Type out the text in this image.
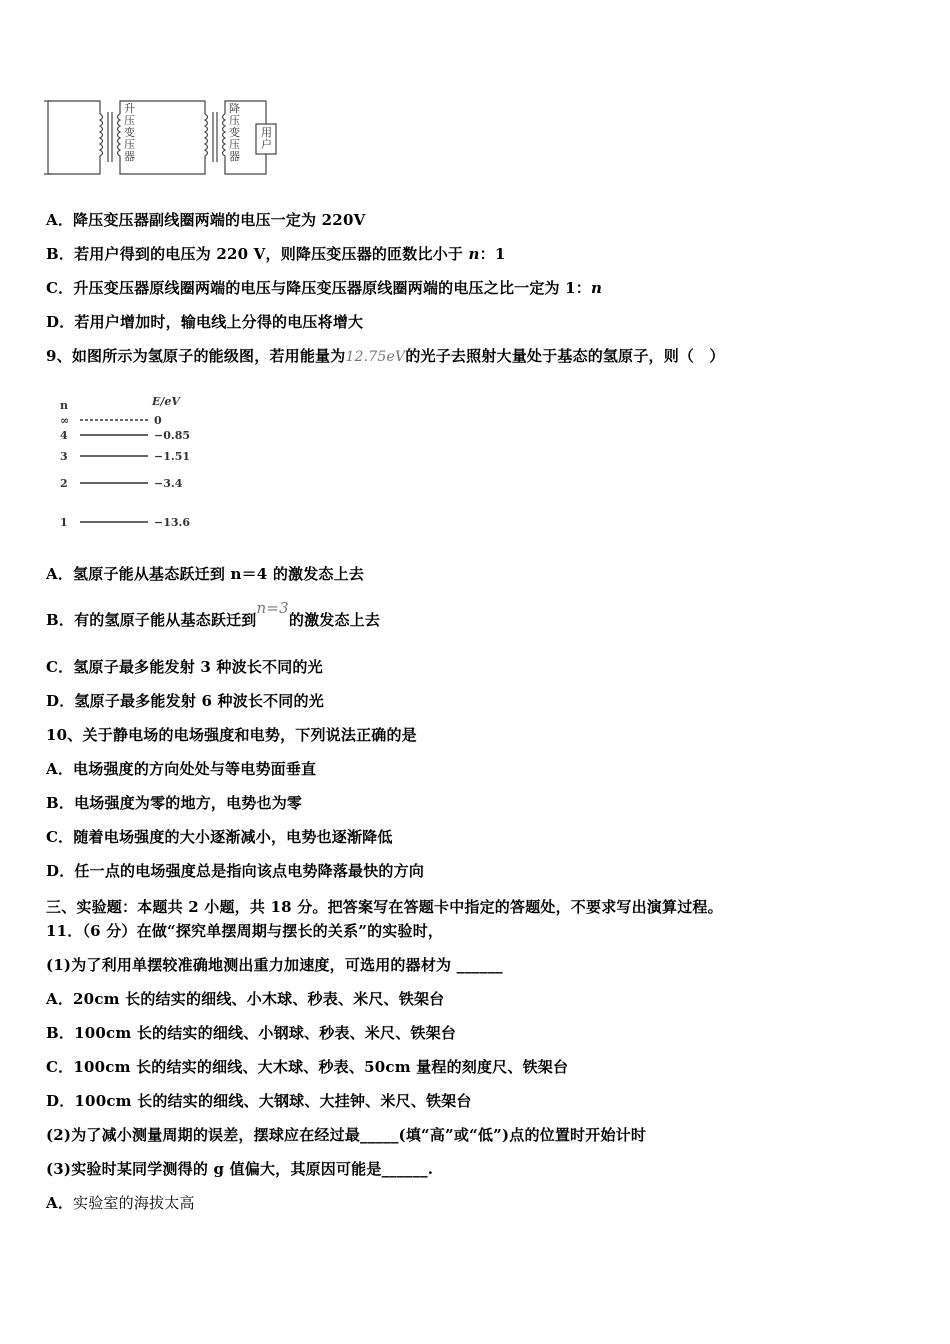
升压变压器
降压变压器
用户
A．降压变压器副线圈两端的电压一定为 220V
B．若用户得到的电压为 220 V，则降压变压器的匝数比小于 n：1
C．升压变压器原线圈两端的电压与降压变压器原线圈两端的电压之比一定为 1：n
D．若用户增加时，输电线上分得的电压将增大
9、如图所示为氢原子的能级图，若用能量为12.75eV的光子去照射大量处于基态的氢原子，则（　）
n	E/eV
∞	0
4	−0.85
3	−1.51
2	−3.4
1	−13.6
A．氢原子能从基态跃迁到 n＝4 的激发态上去
B．有的氢原子能从基态跃迁到n=3的激发态上去
C．氢原子最多能发射 3 种波长不同的光
D．氢原子最多能发射 6 种波长不同的光
10、关于静电场的电场强度和电势，下列说法正确的是
A．电场强度的方向处处与等电势面垂直
B．电场强度为零的地方，电势也为零
C．随着电场强度的大小逐渐减小，电势也逐渐降低
D．任一点的电场强度总是指向该点电势降落最快的方向
三、实验题：本题共 2 小题，共 18 分。把答案写在答题卡中指定的答题处，不要求写出演算过程。
11．（6 分）在做“探究单摆周期与摆长的关系”的实验时，
(1)为了利用单摆较准确地测出重力加速度，可选用的器材为 ______
A．20cm 长的结实的细线、小木球、秒表、米尺、铁架台
B．100cm 长的结实的细线、小钢球、秒表、米尺、铁架台
C．100cm 长的结实的细线、大木球、秒表、50cm 量程的刻度尺、铁架台
D．100cm 长的结实的细线、大钢球、大挂钟、米尺、铁架台
(2)为了减小测量周期的误差，摆球应在经过最_____(填“高”或“低”)点的位置时开始计时
(3)实验时某同学测得的 g 值偏大，其原因可能是______.
A．实验室的海拔太高
